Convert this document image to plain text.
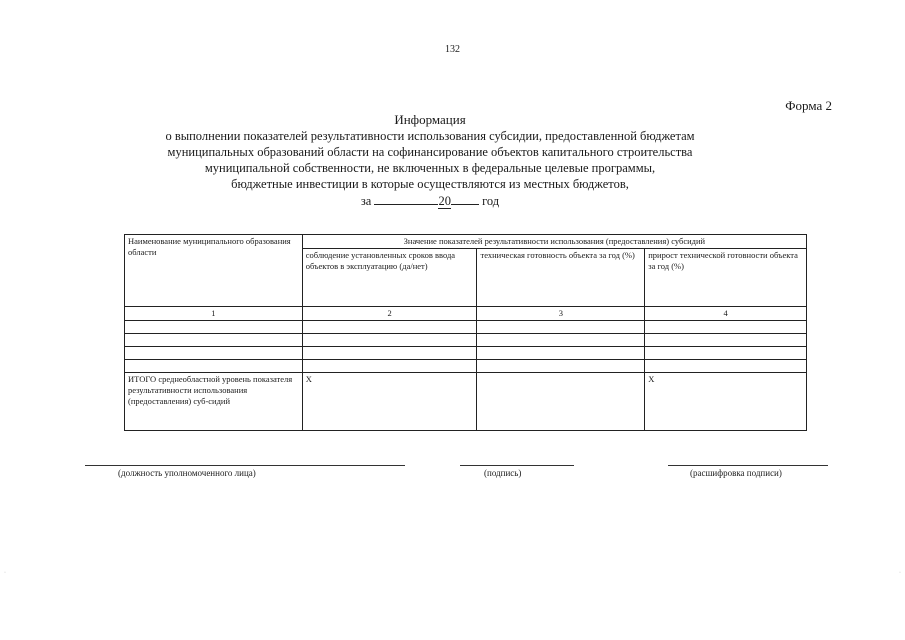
132
Форма 2
Информация
о выполнении показателей результативности использования субсидии, предоставленной бюджетам
муниципальных образований области на софинансирование объектов капитального строительства
муниципальной собственности, не включенных в федеральные целевые программы,
бюджетные инвестиции в которые осуществляются из местных бюджетов,
за	20 год
Наименование муниципального образования области	Значение показателей результативности использования (предоставления) субсидий		
	соблюдение установленных сроков ввода объектов в эксплуатацию (да/нет)	техническая готовность объекта за год (%)	прирост технической готовности объекта за год (%)
1	2	3	4

ИТОГО среднеобластной уровень показателя результативности использования (предоставления) суб-сидий	Х		Х
(должность уполномоченного лица)	(подпись)	(расшифровка подписи)
·	·
